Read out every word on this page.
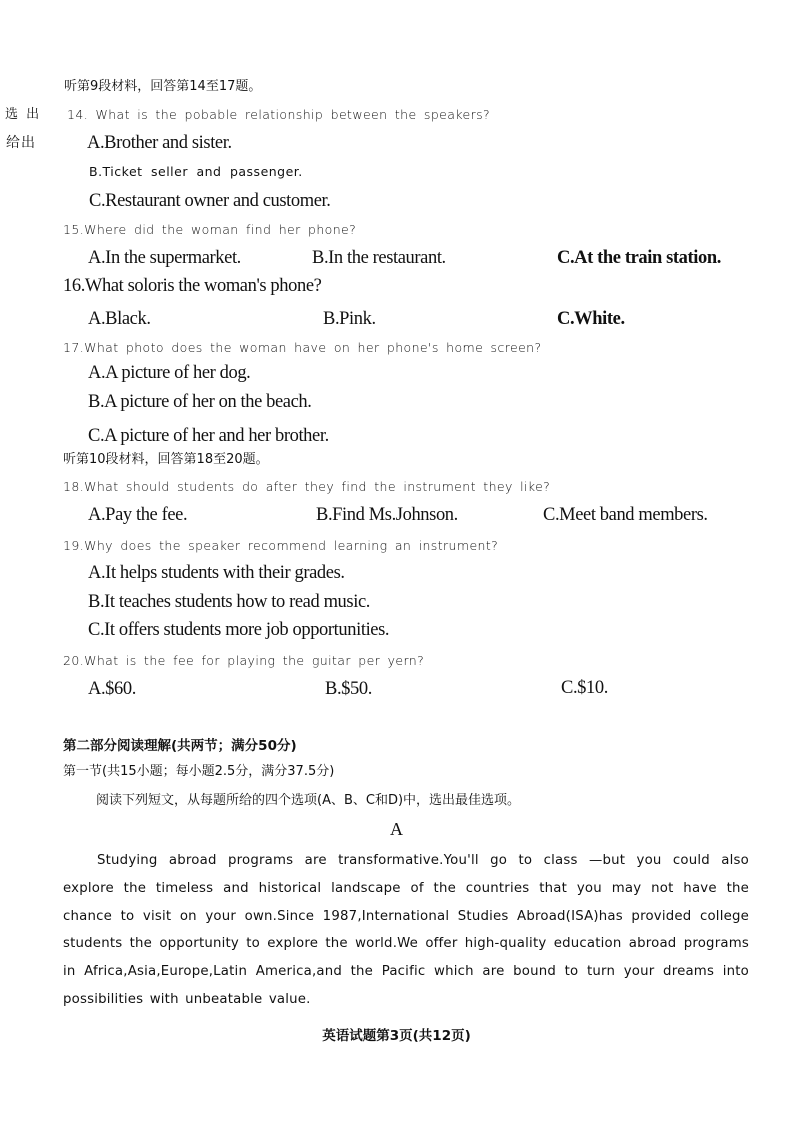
听第9段材料，回答第14至17题。
选 出
给出
14. What is the pobable relationship between the speakers?
A.Brother and sister.
B.Ticket seller and passenger.
C.Restaurant owner and customer.
15.Where did the woman find her phone?
A.In the supermarket.	B.In the restaurant.	C.At the train station.
16.What soloris the woman's phone?
A.Black.	B.Pink.	C.White.
17.What photo does the woman have on her phone's home screen?
A.A picture of her dog.
B.A picture of her on the beach.
C.A picture of her and her brother.
听第10段材料，回答第18至20题。
18.What should students do after they find the instrument they like?
A.Pay the fee.	B.Find Ms.Johnson.	C.Meet band members.
19.Why does the speaker recommend learning an instrument?
A.It helps students with their grades.
B.It teaches students how to read music.
C.It offers students more job opportunities.
20.What is the fee for playing the guitar per yern?
A.$60.	B.$50.	C.$10.
第二部分阅读理解(共两节；满分50分)
第一节(共15小题；每小题2.5分，满分37.5分)
阅读下列短文，从每题所给的四个选项(A、B、C和D)中，选出最佳选项。
A

Studying abroad programs are transformative.You'll go to class —but you could also explore the timeless and historical landscape of the countries that you may not have the chance to visit on your own.Since 1987,International Studies Abroad(ISA)has provided college students the opportunity to explore the world.We offer high-quality education abroad programs in Africa,Asia,Europe,Latin America,and the Pacific which are bound to turn your dreams into possibilities with unbeatable value.

英语试题第3页(共12页)
